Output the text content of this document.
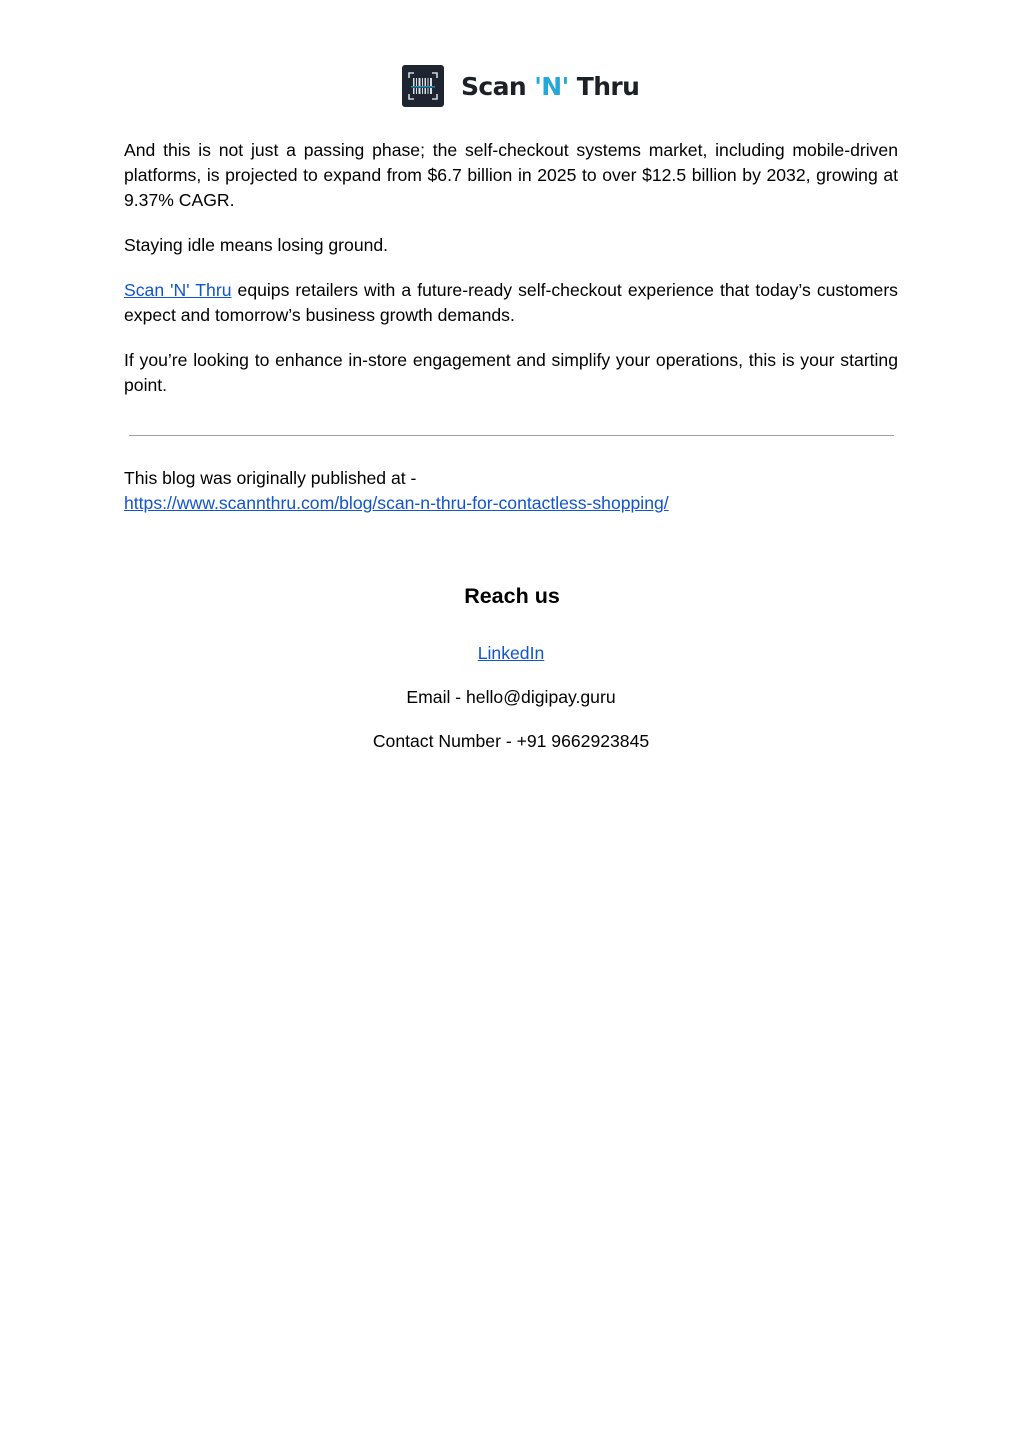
Scan 'N' Thru

And this is not just a passing phase; the self-checkout systems market, including mobile-driven platforms, is projected to expand from $6.7 billion in 2025 to over $12.5 billion by 2032, growing at 9.37% CAGR.

Staying idle means losing ground.

Scan 'N' Thru equips retailers with a future-ready self-checkout experience that today’s customers expect and tomorrow’s business growth demands.

If you’re looking to enhance in-store engagement and simplify your operations, this is your starting point.

This blog was originally published at -
https://www.scannthru.com/blog/scan-n-thru-for-contactless-shopping/
Reach us
LinkedIn
Email - hello@digipay.guru
Contact Number - +91 9662923845
